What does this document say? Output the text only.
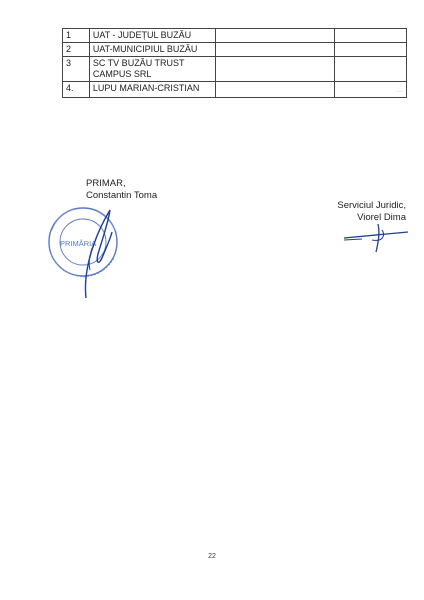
1	UAT - JUDEȚUL BUZĂU		
2	UAT-MUNICIPIUL BUZĂU		
3	SC TV BUZĂU TRUST CAMPUS SRL		
4.	LUPU MARIAN-CRISTIAN		....
PRIMAR,
Constantin Toma
PRIMĂRIA
Serviciul Juridic,
Viorel Dima
22
